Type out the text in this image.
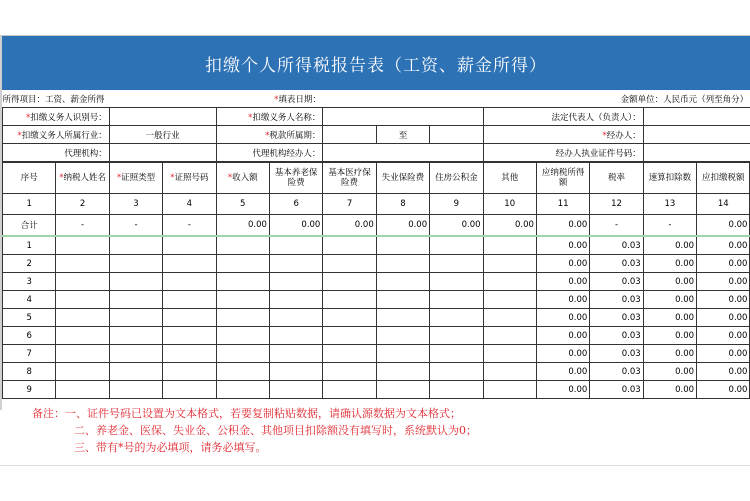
扣缴个人所得税报告表（工资、薪金所得）
所得项目：工资、薪金所得			*填表日期：			金额单位：人民币元（列至角分）		
*扣缴义务人识别号：		*扣缴义务人名称：					法定代表人（负责人）：	
*扣缴义务人所属行业：	一般行业	*税款所属期：			至		*经办人：	
代理机构：		代理机构经办人：					经办人执业证件号码：	
序号	*纳税人姓名	*证照类型	*证照号码	*收入额	基本养老保险费	基本医疗保险费	失业保险费	住房公积金	其他	应纳税所得额	税率	速算扣除数	应扣缴税额
1	2	3	4	5	6	7	8	9	10	11	12	13	14
合计	-	-	-	0.00	0.00	0.00	0.00	0.00	0.00	0.00	-	-	0.00
1										0.00	0.03	0.00	0.00
2										0.00	0.03	0.00	0.00
3										0.00	0.03	0.00	0.00
4										0.00	0.03	0.00	0.00
5										0.00	0.03	0.00	0.00
6										0.00	0.03	0.00	0.00
7										0.00	0.03	0.00	0.00
8										0.00	0.03	0.00	0.00
9										0.00	0.03	0.00	0.00
备注：一、证件号码已设置为文本格式，若要复制粘贴数据，请确认源数据为文本格式；
二、养老金、医保、失业金、公积金、其他项目扣除额没有填写时，系统默认为0；
三、带有*号的为必填项，请务必填写。
